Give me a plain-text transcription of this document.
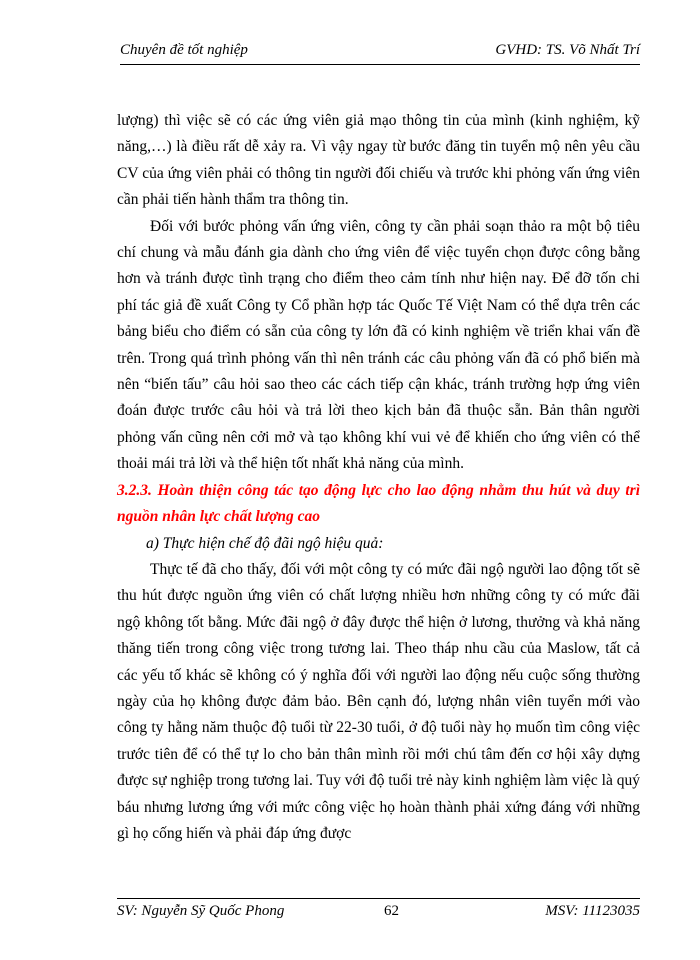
Chuyên đề tốt nghiệp	GVHD: TS. Võ Nhất Trí

lượng) thì việc sẽ có các ứng viên giả mạo thông tin của mình (kinh nghiệm, kỹ năng,…) là điều rất dễ xảy ra. Vì vậy ngay từ bước đăng tin tuyển mộ nên yêu cầu CV của ứng viên phải có thông tin người đối chiếu và trước khi phỏng vấn ứng viên cần phải tiến hành thẩm tra thông tin.

Đối với bước phỏng vấn ứng viên, công ty cần phải soạn thảo ra một bộ tiêu chí chung và mẫu đánh gia dành cho ứng viên để việc tuyển chọn được công bằng hơn và tránh được tình trạng cho điểm theo cảm tính như hiện nay. Để đỡ tốn chi phí tác giả đề xuất Công ty Cổ phần hợp tác Quốc Tế Việt Nam có thể dựa trên các bảng biểu cho điểm có sẵn của công ty lớn đã có kinh nghiệm về triển khai vấn đề trên. Trong quá trình phỏng vấn thì nên tránh các câu phỏng vấn đã có phổ biến mà nên “biến tấu” câu hỏi sao theo các cách tiếp cận khác, tránh trường hợp ứng viên đoán được trước câu hỏi và trả lời theo kịch bản đã thuộc sẵn. Bản thân người phỏng vấn cũng nên cởi mở và tạo không khí vui vẻ để khiến cho ứng viên có thể thoải mái trả lời và thể hiện tốt nhất khả năng của mình.

3.2.3. Hoàn thiện công tác tạo động lực cho lao động nhằm thu hút và duy trì nguồn nhân lực chất lượng cao

a) Thực hiện chế độ đãi ngộ hiệu quả:

Thực tế đã cho thấy, đối với một công ty có mức đãi ngộ người lao động tốt sẽ thu hút được nguồn ứng viên có chất lượng nhiều hơn những công ty có mức đãi ngộ không tốt bằng. Mức đãi ngộ ở đây được thể hiện ở lương, thưởng và khả năng thăng tiến trong công việc trong tương lai. Theo tháp nhu cầu của Maslow, tất cả các yếu tố khác sẽ không có ý nghĩa đối với người lao động nếu cuộc sống thường ngày của họ không được đảm bảo. Bên cạnh đó, lượng nhân viên tuyển mới vào công ty hằng năm thuộc độ tuổi từ 22-30 tuổi, ở độ tuổi này họ muốn tìm công việc trước tiên để có thể tự lo cho bản thân mình rồi mới chú tâm đến cơ hội xây dựng được sự nghiệp trong tương lai. Tuy với độ tuổi trẻ này kinh nghiệm làm việc là quý báu nhưng lương ứng với mức công việc họ hoàn thành phải xứng đáng với những gì họ cống hiến và phải đáp ứng được

SV: Nguyễn Sỹ Quốc Phong	62	MSV: 11123035
